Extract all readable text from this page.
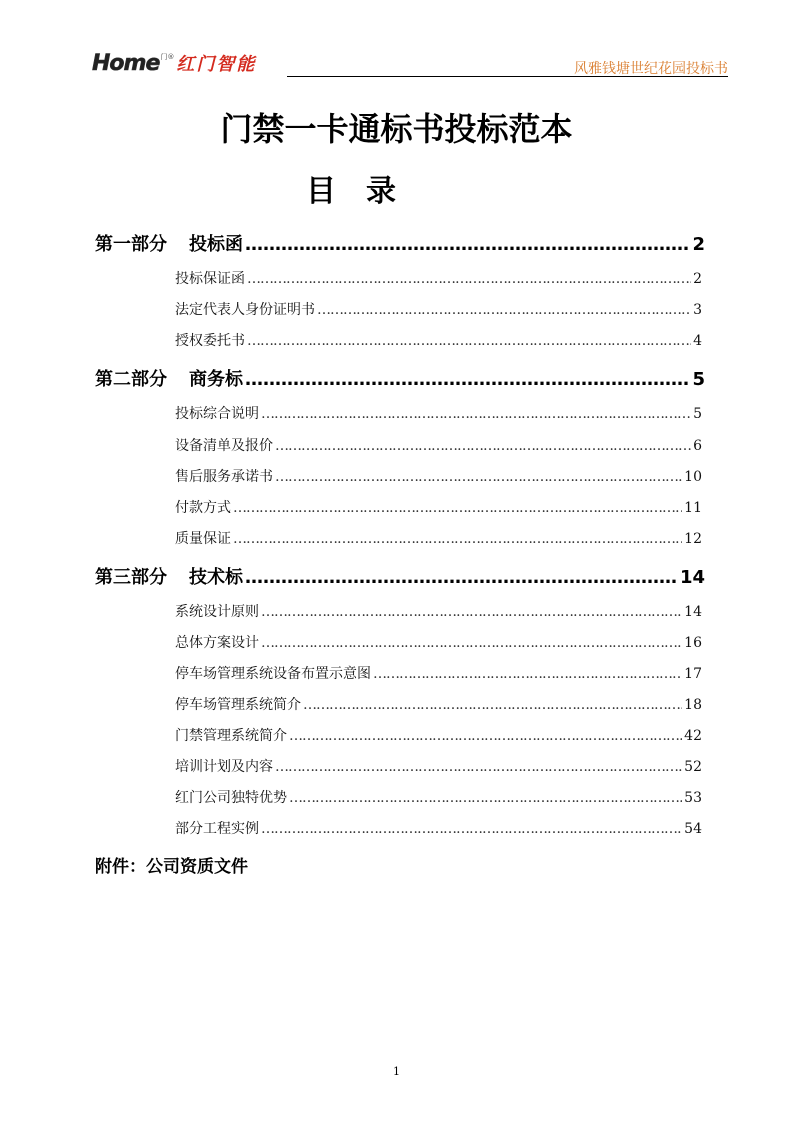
Home 门® 红门智能	风雅钱塘世纪花园投标书
门禁一卡通标书投标范本
目录
第一部分 投标函 ……………………………………………………………………………………………………………………………………………………	2
投标保证函 ……………………………………………………………………………………………………………………………………………………	2
法定代表人身份证明书 ……………………………………………………………………………………………………………………………………………………	3
授权委托书 ……………………………………………………………………………………………………………………………………………………	4
第二部分 商务标 ……………………………………………………………………………………………………………………………………………………	5
投标综合说明 ……………………………………………………………………………………………………………………………………………………	5
设备清单及报价 ……………………………………………………………………………………………………………………………………………………	6
售后服务承诺书 ……………………………………………………………………………………………………………………………………………………	10
付款方式 ……………………………………………………………………………………………………………………………………………………	11
质量保证 ……………………………………………………………………………………………………………………………………………………	12
第三部分 技术标 ……………………………………………………………………………………………………………………………………………………	14
系统设计原则 ……………………………………………………………………………………………………………………………………………………	14
总体方案设计 ……………………………………………………………………………………………………………………………………………………	16
停车场管理系统设备布置示意图 ……………………………………………………………………………………………………………………………………………………	17
停车场管理系统简介 ……………………………………………………………………………………………………………………………………………………	18
门禁管理系统简介 ……………………………………………………………………………………………………………………………………………………	42
培训计划及内容 ……………………………………………………………………………………………………………………………………………………	52
红门公司独特优势 ……………………………………………………………………………………………………………………………………………………	53
部分工程实例 ……………………………………………………………………………………………………………………………………………………	54
附件：公司资质文件
1
